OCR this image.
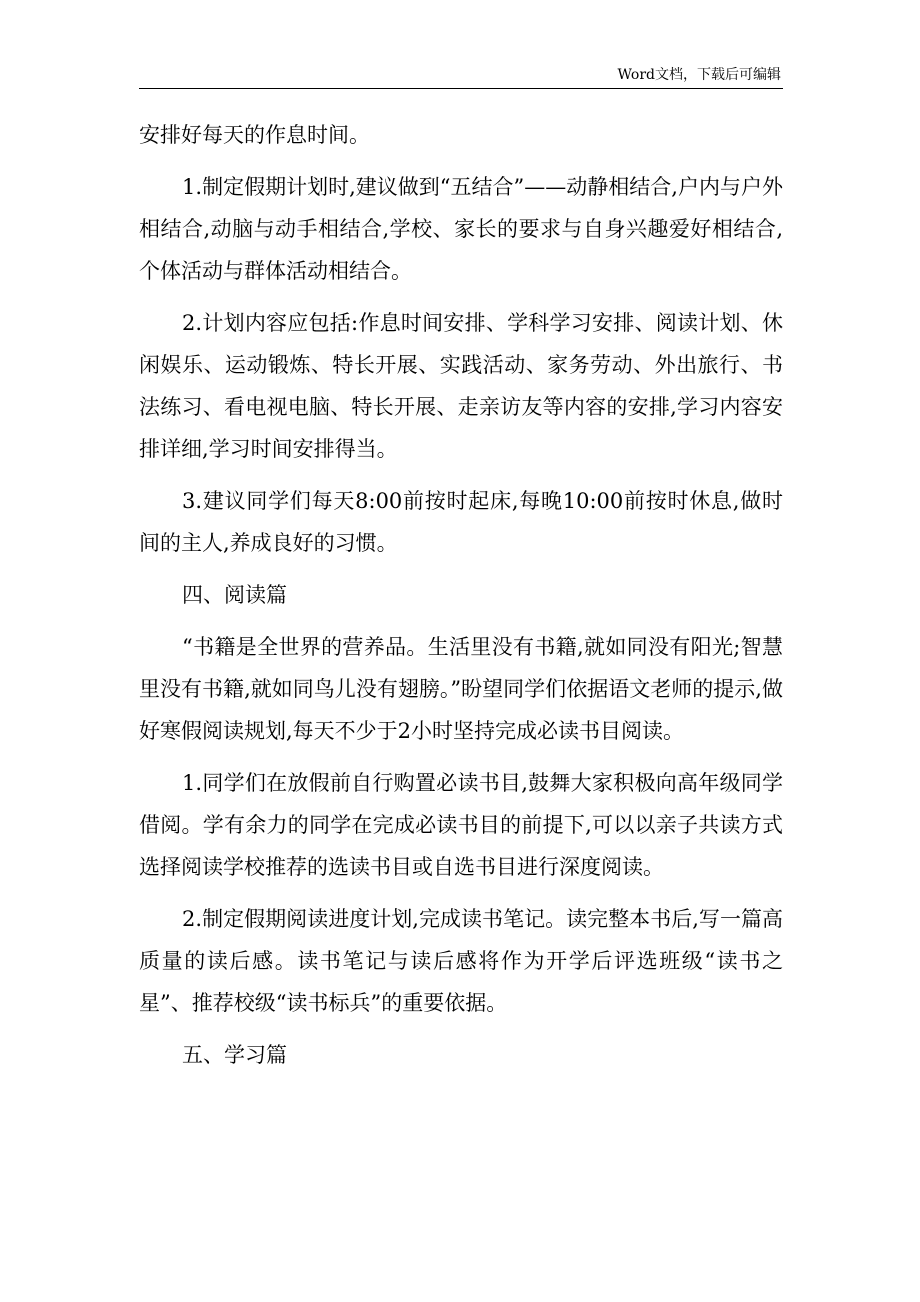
Word文档，下载后可编辑

安排好每天的作息时间。

1.制定假期计划时,建议做到“五结合”——动静相结合,户内与户外相结合,动脑与动手相结合,学校、家长的要求与自身兴趣爱好相结合,个体活动与群体活动相结合。

2.计划内容应包括:作息时间安排、学科学习安排、阅读计划、休闲娱乐、运动锻炼、特长开展、实践活动、家务劳动、外出旅行、书法练习、看电视电脑、特长开展、走亲访友等内容的安排,学习内容安排详细,学习时间安排得当。

3.建议同学们每天8:00前按时起床,每晚10:00前按时休息,做时间的主人,养成良好的习惯。

四、阅读篇

“书籍是全世界的营养品。生活里没有书籍,就如同没有阳光;智慧里没有书籍,就如同鸟儿没有翅膀。”盼望同学们依据语文老师的提示,做好寒假阅读规划,每天不少于2小时坚持完成必读书目阅读。

1.同学们在放假前自行购置必读书目,鼓舞大家积极向高年级同学借阅。学有余力的同学在完成必读书目的前提下,可以以亲子共读方式选择阅读学校推荐的选读书目或自选书目进行深度阅读。

2.制定假期阅读进度计划,完成读书笔记。读完整本书后,写一篇高质量的读后感。读书笔记与读后感将作为开学后评选班级“读书之星”、推荐校级“读书标兵”的重要依据。

五、学习篇
